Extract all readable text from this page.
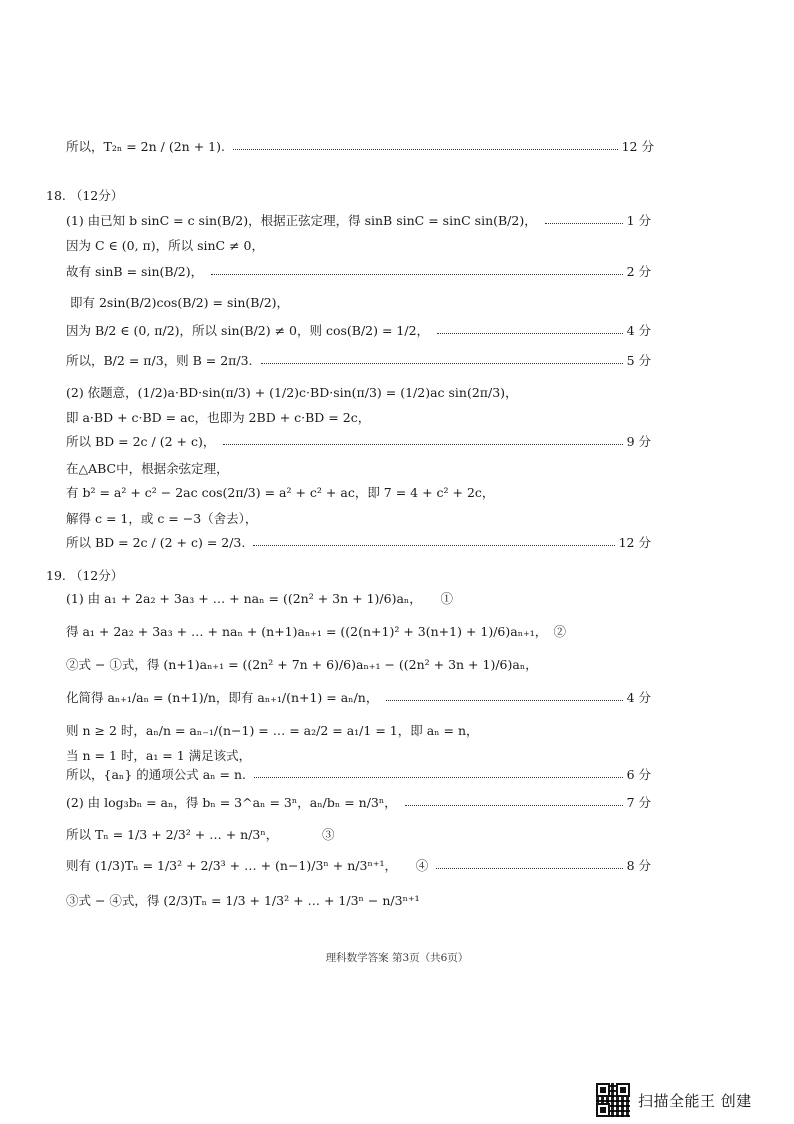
所以，T₂ₙ = 2n / (2n + 1).	12 分
18. （12分）
(1) 由已知 b sinC = c sin(B/2)，根据正弦定理，得 sinB sinC = sinC sin(B/2)，	1 分
因为 C ∈ (0, π)，所以 sinC ≠ 0，
故有 sinB = sin(B/2)，	2 分
即有 2sin(B/2)cos(B/2) = sin(B/2)，
因为 B/2 ∈ (0, π/2)，所以 sin(B/2) ≠ 0，则 cos(B/2) = 1/2，	4 分
所以，B/2 = π/3，则 B = 2π/3.	5 分
(2) 依题意，(1/2)a·BD·sin(π/3) + (1/2)c·BD·sin(π/3) = (1/2)ac sin(2π/3)，
即 a·BD + c·BD = ac，也即为 2BD + c·BD = 2c，
所以 BD = 2c / (2 + c)，	9 分
在△ABC中，根据余弦定理，
有 b² = a² + c² − 2ac cos(2π/3) = a² + c² + ac，即 7 = 4 + c² + 2c，
解得 c = 1，或 c = −3（舍去），
所以 BD = 2c / (2 + c) = 2/3.	12 分
19. （12分）
(1) 由 a₁ + 2a₂ + 3a₃ + … + naₙ = ((2n² + 3n + 1)/6)aₙ，　　①
得 a₁ + 2a₂ + 3a₃ + … + naₙ + (n+1)aₙ₊₁ = ((2(n+1)² + 3(n+1) + 1)/6)aₙ₊₁，　②
②式 − ①式，得 (n+1)aₙ₊₁ = ((2n² + 7n + 6)/6)aₙ₊₁ − ((2n² + 3n + 1)/6)aₙ，
化简得 aₙ₊₁/aₙ = (n+1)/n，即有 aₙ₊₁/(n+1) = aₙ/n，	4 分
则 n ≥ 2 时，aₙ/n = aₙ₋₁/(n−1) = … = a₂/2 = a₁/1 = 1，即 aₙ = n，
当 n = 1 时，a₁ = 1 满足该式，
所以，{aₙ} 的通项公式 aₙ = n.	6 分
(2) 由 log₃bₙ = aₙ，得 bₙ = 3^aₙ = 3ⁿ，aₙ/bₙ = n/3ⁿ，	7 分
所以 Tₙ = 1/3 + 2/3² + … + n/3ⁿ，　　　　③
则有 (1/3)Tₙ = 1/3² + 2/3³ + … + (n−1)/3ⁿ + n/3ⁿ⁺¹，　　④	8 分
③式 − ④式，得 (2/3)Tₙ = 1/3 + 1/3² + … + 1/3ⁿ − n/3ⁿ⁺¹
理科数学答案 第3页（共6页）
扫描全能王 创建
